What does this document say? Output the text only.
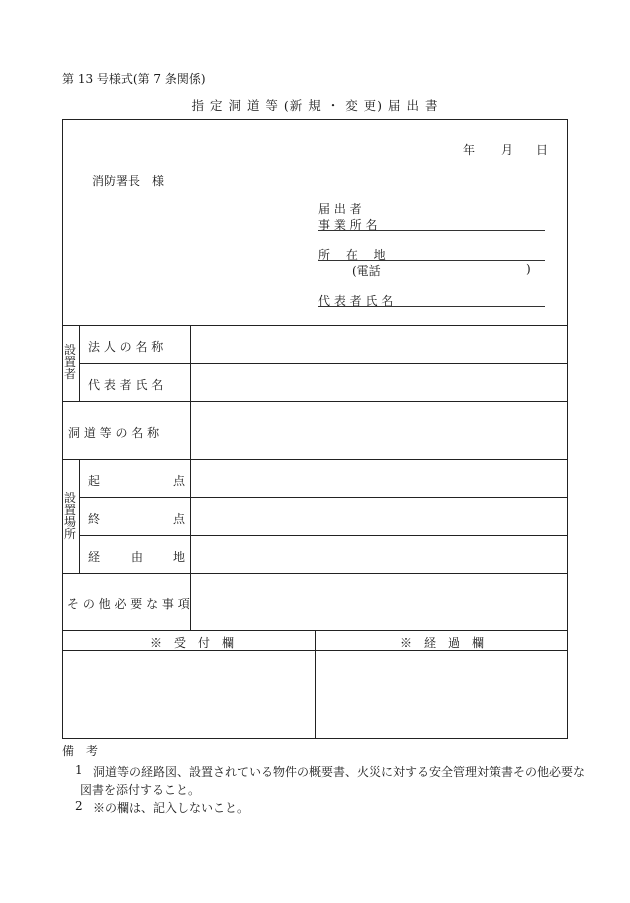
第 13 号様式(第 7 条関係)
指 定 洞 道 等 (新 規 ・ 変 更) 届 出 書
年 月 日
消防署長　様
届 出 者
事 業 所 名
所　 在　 地
(電話	)
代 表 者 氏 名
設置者
法 人 の 名 称
代 表 者 氏 名
洞 道 等 の 名 称
設置場所
起	点
終	点
経	由 地
そ の 他 必 要 な 事 項
※　受　付　欄	※　経　過　欄
備　考
1 洞道等の経路図、設置されている物件の概要書、火災に対する安全管理対策書その他必要な
図書を添付すること。
2 ※の欄は、記入しないこと。
